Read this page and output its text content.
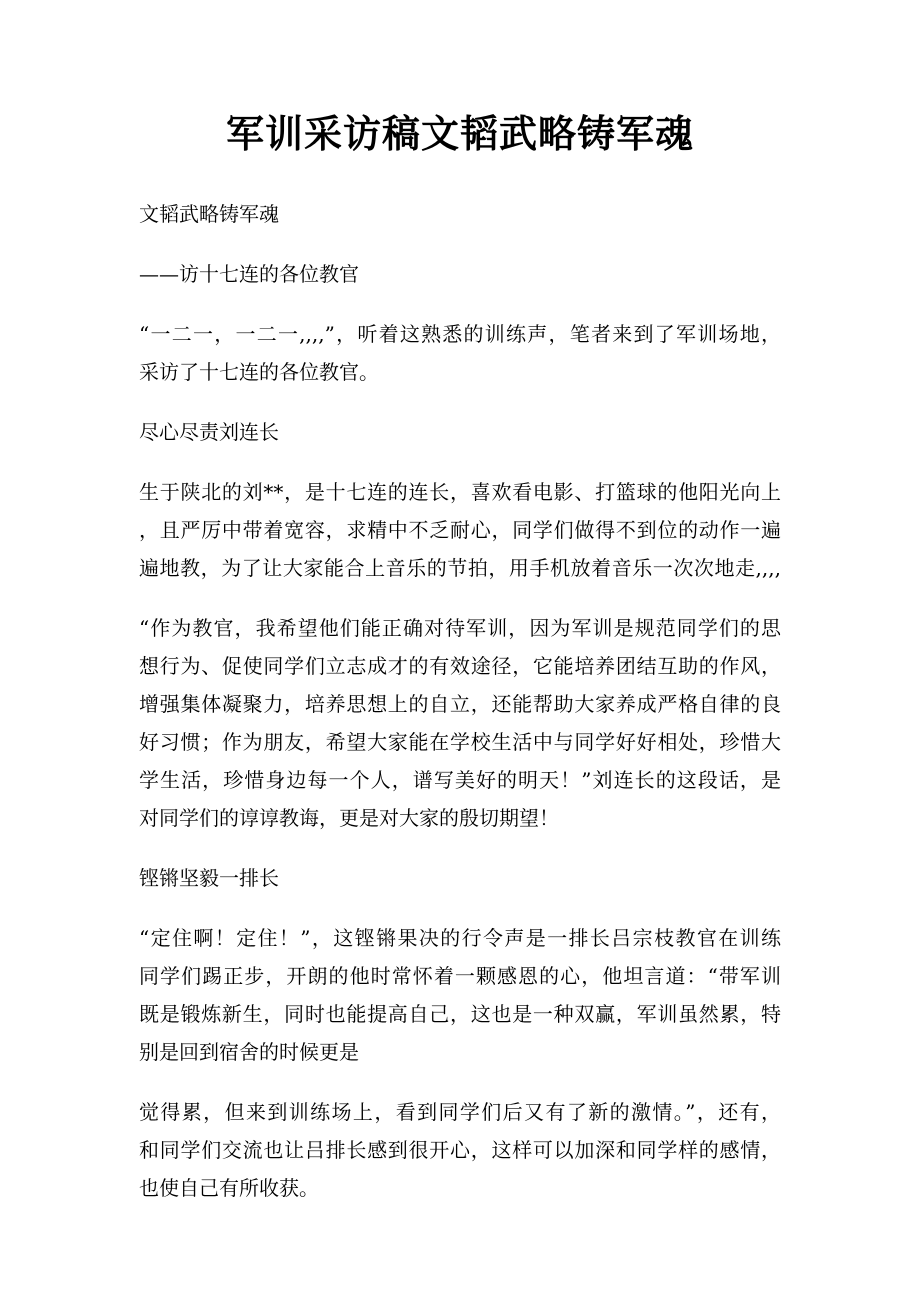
军训采访稿文韬武略铸军魂

文韬武略铸军魂

——访十七连的各位教官

“一二一，一二一,,,,”，听着这熟悉的训练声，笔者来到了军训场地，
采访了十七连的各位教官。

尽心尽责刘连长

生于陕北的刘**，是十七连的连长，喜欢看电影、打篮球的他阳光向上
，且严厉中带着宽容，求精中不乏耐心，同学们做得不到位的动作一遍
遍地教，为了让大家能合上音乐的节拍，用手机放着音乐一次次地走,,,,

“作为教官，我希望他们能正确对待军训，因为军训是规范同学们的思
想行为、促使同学们立志成才的有效途径，它能培养团结互助的作风，
增强集体凝聚力，培养思想上的自立，还能帮助大家养成严格自律的良
好习惯；作为朋友，希望大家能在学校生活中与同学好好相处，珍惜大
学生活，珍惜身边每一个人，谱写美好的明天！”刘连长的这段话，是
对同学们的谆谆教诲，更是对大家的殷切期望！

铿锵坚毅一排长

“定住啊！定住！”，这铿锵果决的行令声是一排长吕宗枝教官在训练
同学们踢正步，开朗的他时常怀着一颗感恩的心，他坦言道：“带军训
既是锻炼新生，同时也能提高自己，这也是一种双赢，军训虽然累，特
别是回到宿舍的时候更是

觉得累，但来到训练场上，看到同学们后又有了新的激情。”，还有，
和同学们交流也让吕排长感到很开心，这样可以加深和同学样的感情，
也使自己有所收获。
